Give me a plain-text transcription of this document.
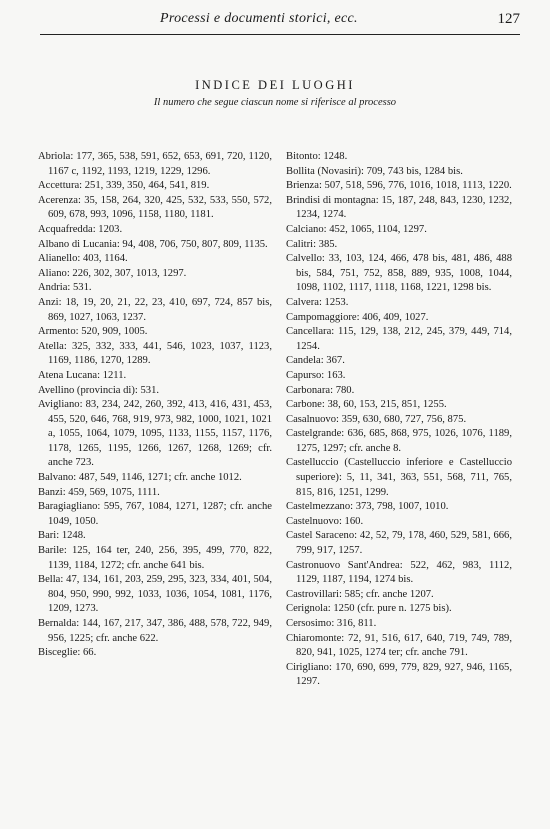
Processi e documenti storici, ecc.	127
INDICE DEI LUOGHI
Il numero che segue ciascun nome si riferisce al processo

Abriola: 177, 365, 538, 591, 652, 653, 691, 720, 1120, 1167 c, 1192, 1193, 1219, 1229, 1296.

Accettura: 251, 339, 350, 464, 541, 819.

Acerenza: 35, 158, 264, 320, 425, 532, 533, 550, 572, 609, 678, 993, 1096, 1158, 1180, 1181.

Acquafredda: 1203.

Albano di Lucania: 94, 408, 706, 750, 807, 809, 1135.

Alianello: 403, 1164.

Aliano: 226, 302, 307, 1013, 1297.

Andria: 531.

Anzi: 18, 19, 20, 21, 22, 23, 410, 697, 724, 857 bis, 869, 1027, 1063, 1237.

Armento: 520, 909, 1005.

Atella: 325, 332, 333, 441, 546, 1023, 1037, 1123, 1169, 1186, 1270, 1289.

Atena Lucana: 1211.

Avellino (provincia di): 531.

Avigliano: 83, 234, 242, 260, 392, 413, 416, 431, 453, 455, 520, 646, 768, 919, 973, 982, 1000, 1021, 1021 a, 1055, 1064, 1079, 1095, 1133, 1155, 1157, 1176, 1178, 1265, 1195, 1266, 1267, 1268, 1269; cfr. anche 723.

Balvano: 487, 549, 1146, 1271; cfr. anche 1012.

Banzi: 459, 569, 1075, 1111.

Baragiagliano: 595, 767, 1084, 1271, 1287; cfr. anche 1049, 1050.

Bari: 1248.

Barile: 125, 164 ter, 240, 256, 395, 499, 770, 822, 1139, 1184, 1272; cfr. anche 641 bis.

Bella: 47, 134, 161, 203, 259, 295, 323, 334, 401, 504, 804, 950, 990, 992, 1033, 1036, 1054, 1081, 1176, 1209, 1273.

Bernalda: 144, 167, 217, 347, 386, 488, 578, 722, 949, 956, 1225; cfr. anche 622.

Bisceglie: 66.

Bitonto: 1248.

Bollita (Novasiri): 709, 743 bis, 1284 bis.

Brienza: 507, 518, 596, 776, 1016, 1018, 1113, 1220.

Brindisi di montagna: 15, 187, 248, 843, 1230, 1232, 1234, 1274.

Calciano: 452, 1065, 1104, 1297.

Calitri: 385.

Calvello: 33, 103, 124, 466, 478 bis, 481, 486, 488 bis, 584, 751, 752, 858, 889, 935, 1008, 1044, 1098, 1102, 1117, 1118, 1168, 1221, 1298 bis.

Calvera: 1253.

Campomaggiore: 406, 409, 1027.

Cancellara: 115, 129, 138, 212, 245, 379, 449, 714, 1254.

Candela: 367.

Capurso: 163.

Carbonara: 780.

Carbone: 38, 60, 153, 215, 851, 1255.

Casalnuovo: 359, 630, 680, 727, 756, 875.

Castelgrande: 636, 685, 868, 975, 1026, 1076, 1189, 1275, 1297; cfr. anche 8.

Castelluccio (Castelluccio inferiore e Castelluccio superiore): 5, 11, 341, 363, 551, 568, 711, 765, 815, 816, 1251, 1299.

Castelmezzano: 373, 798, 1007, 1010.

Castelnuovo: 160.

Castel Saraceno: 42, 52, 79, 178, 460, 529, 581, 666, 799, 917, 1257.

Castronuovo Sant'Andrea: 522, 462, 983, 1112, 1129, 1187, 1194, 1274 bis.

Castrovillari: 585; cfr. anche 1207.

Cerignola: 1250 (cfr. pure n. 1275 bis).

Cersosimo: 316, 811.

Chiaromonte: 72, 91, 516, 617, 640, 719, 749, 789, 820, 941, 1025, 1274 ter; cfr. anche 791.

Cirigliano: 170, 690, 699, 779, 829, 927, 946, 1165, 1297.
